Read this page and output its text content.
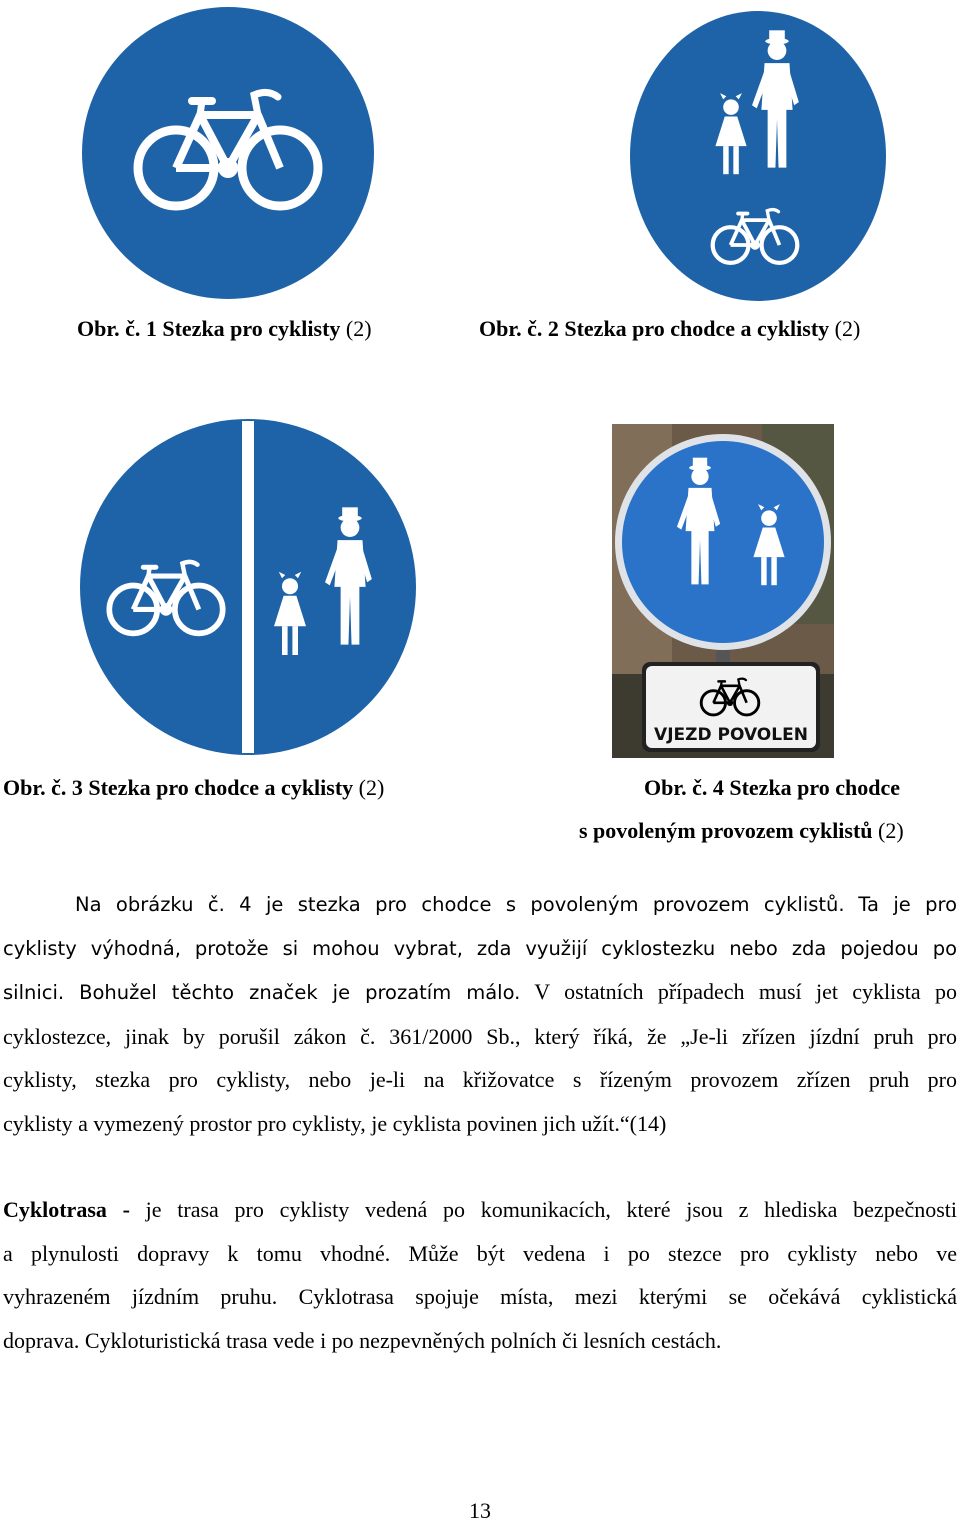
VJEZD POVOLEN
Obr. č. 1 Stezka pro cyklisty (2)	Obr. č. 2 Stezka pro chodce a cyklisty (2)
Obr. č. 3 Stezka pro chodce a cyklisty (2)	Obr. č. 4 Stezka pro chodce
s povoleným provozem cyklistů (2)
Na obrázku č. 4 je stezka pro chodce s povoleným provozem cyklistů. Ta je pro
cyklisty výhodná, protože si mohou vybrat, zda využijí cyklostezku nebo zda pojedou po
silnici. Bohužel těchto značek je prozatím málo. V ostatních případech musí jet cyklista po
cyklostezce, jinak by porušil zákon č. 361/2000 Sb., který říká, že „Je-li zřízen jízdní pruh pro
cyklisty, stezka pro cyklisty, nebo je-li na křižovatce s řízeným provozem zřízen pruh pro
cyklisty a vymezený prostor pro cyklisty, je cyklista povinen jich užít.“(14)
Cyklotrasa - je trasa pro cyklisty vedená po komunikacích, které jsou z hlediska bezpečnosti
a plynulosti dopravy k tomu vhodné. Může být vedena i po stezce pro cyklisty nebo ve
vyhrazeném jízdním pruhu. Cyklotrasa spojuje místa, mezi kterými se očekává cyklistická
doprava. Cykloturistická trasa vede i po nezpevněných polních či lesních cestách.
13
